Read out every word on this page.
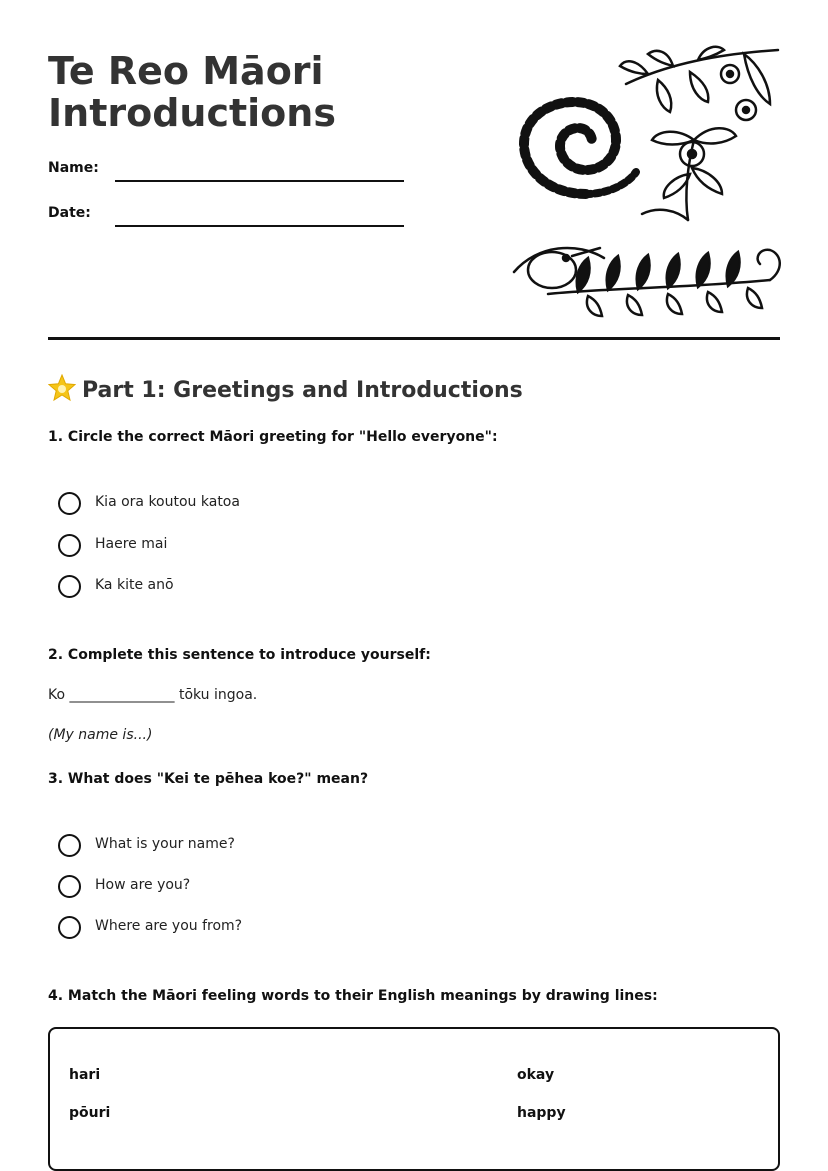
Te Reo Māori
Introductions
Name:
Date:
Part 1: Greetings and Introductions

1. Circle the correct Māori greeting for "Hello everyone":

Kia ora koutou katoa
Haere mai
Ka kite anō

2. Complete this sentence to introduce yourself:

Ko _______________ tōku ingoa.
(My name is...)

3. What does "Kei te pēhea koe?" mean?

What is your name?
How are you?
Where are you from?

4. Match the Māori feeling words to their English meanings by drawing lines:

hari	okay
pōuri	happy
